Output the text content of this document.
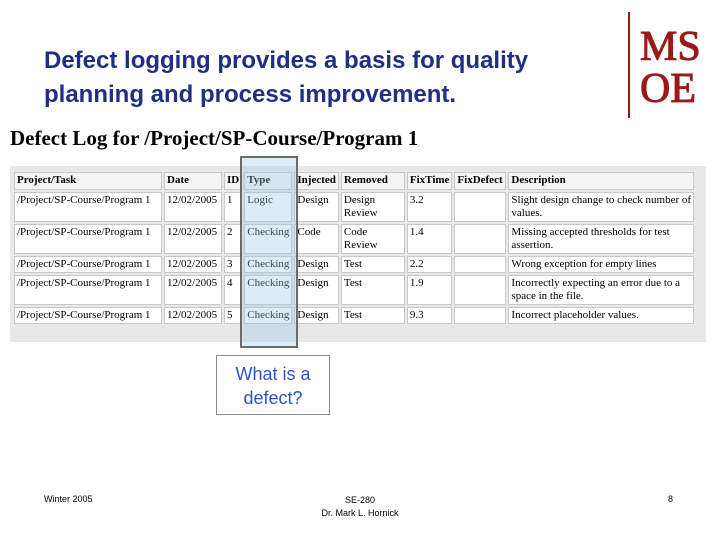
Defect logging provides a basis for quality
planning and process improvement.
MS
OE
Defect Log for /Project/SP-Course/Program 1
Project/Task	Date	ID	Type	Injected	Removed	FixTime	FixDefect	Description
/Project/SP-Course/Program 1	12/02/2005	1	Logic	Design	Design Review	3.2		Slight design change to check number of values.
/Project/SP-Course/Program 1	12/02/2005	2	Checking	Code	Code Review	1.4		Missing accepted thresholds for test assertion.
/Project/SP-Course/Program 1	12/02/2005	3	Checking	Design	Test	2.2		Wrong exception for empty lines
/Project/SP-Course/Program 1	12/02/2005	4	Checking	Design	Test	1.9		Incorrectly expecting an error due to a space in the file.
/Project/SP-Course/Program 1	12/02/2005	5	Checking	Design	Test	9.3		Incorrect placeholder values.
What is a
defect?
Winter 2005	SE-280
Dr. Mark L. Hornick
8
